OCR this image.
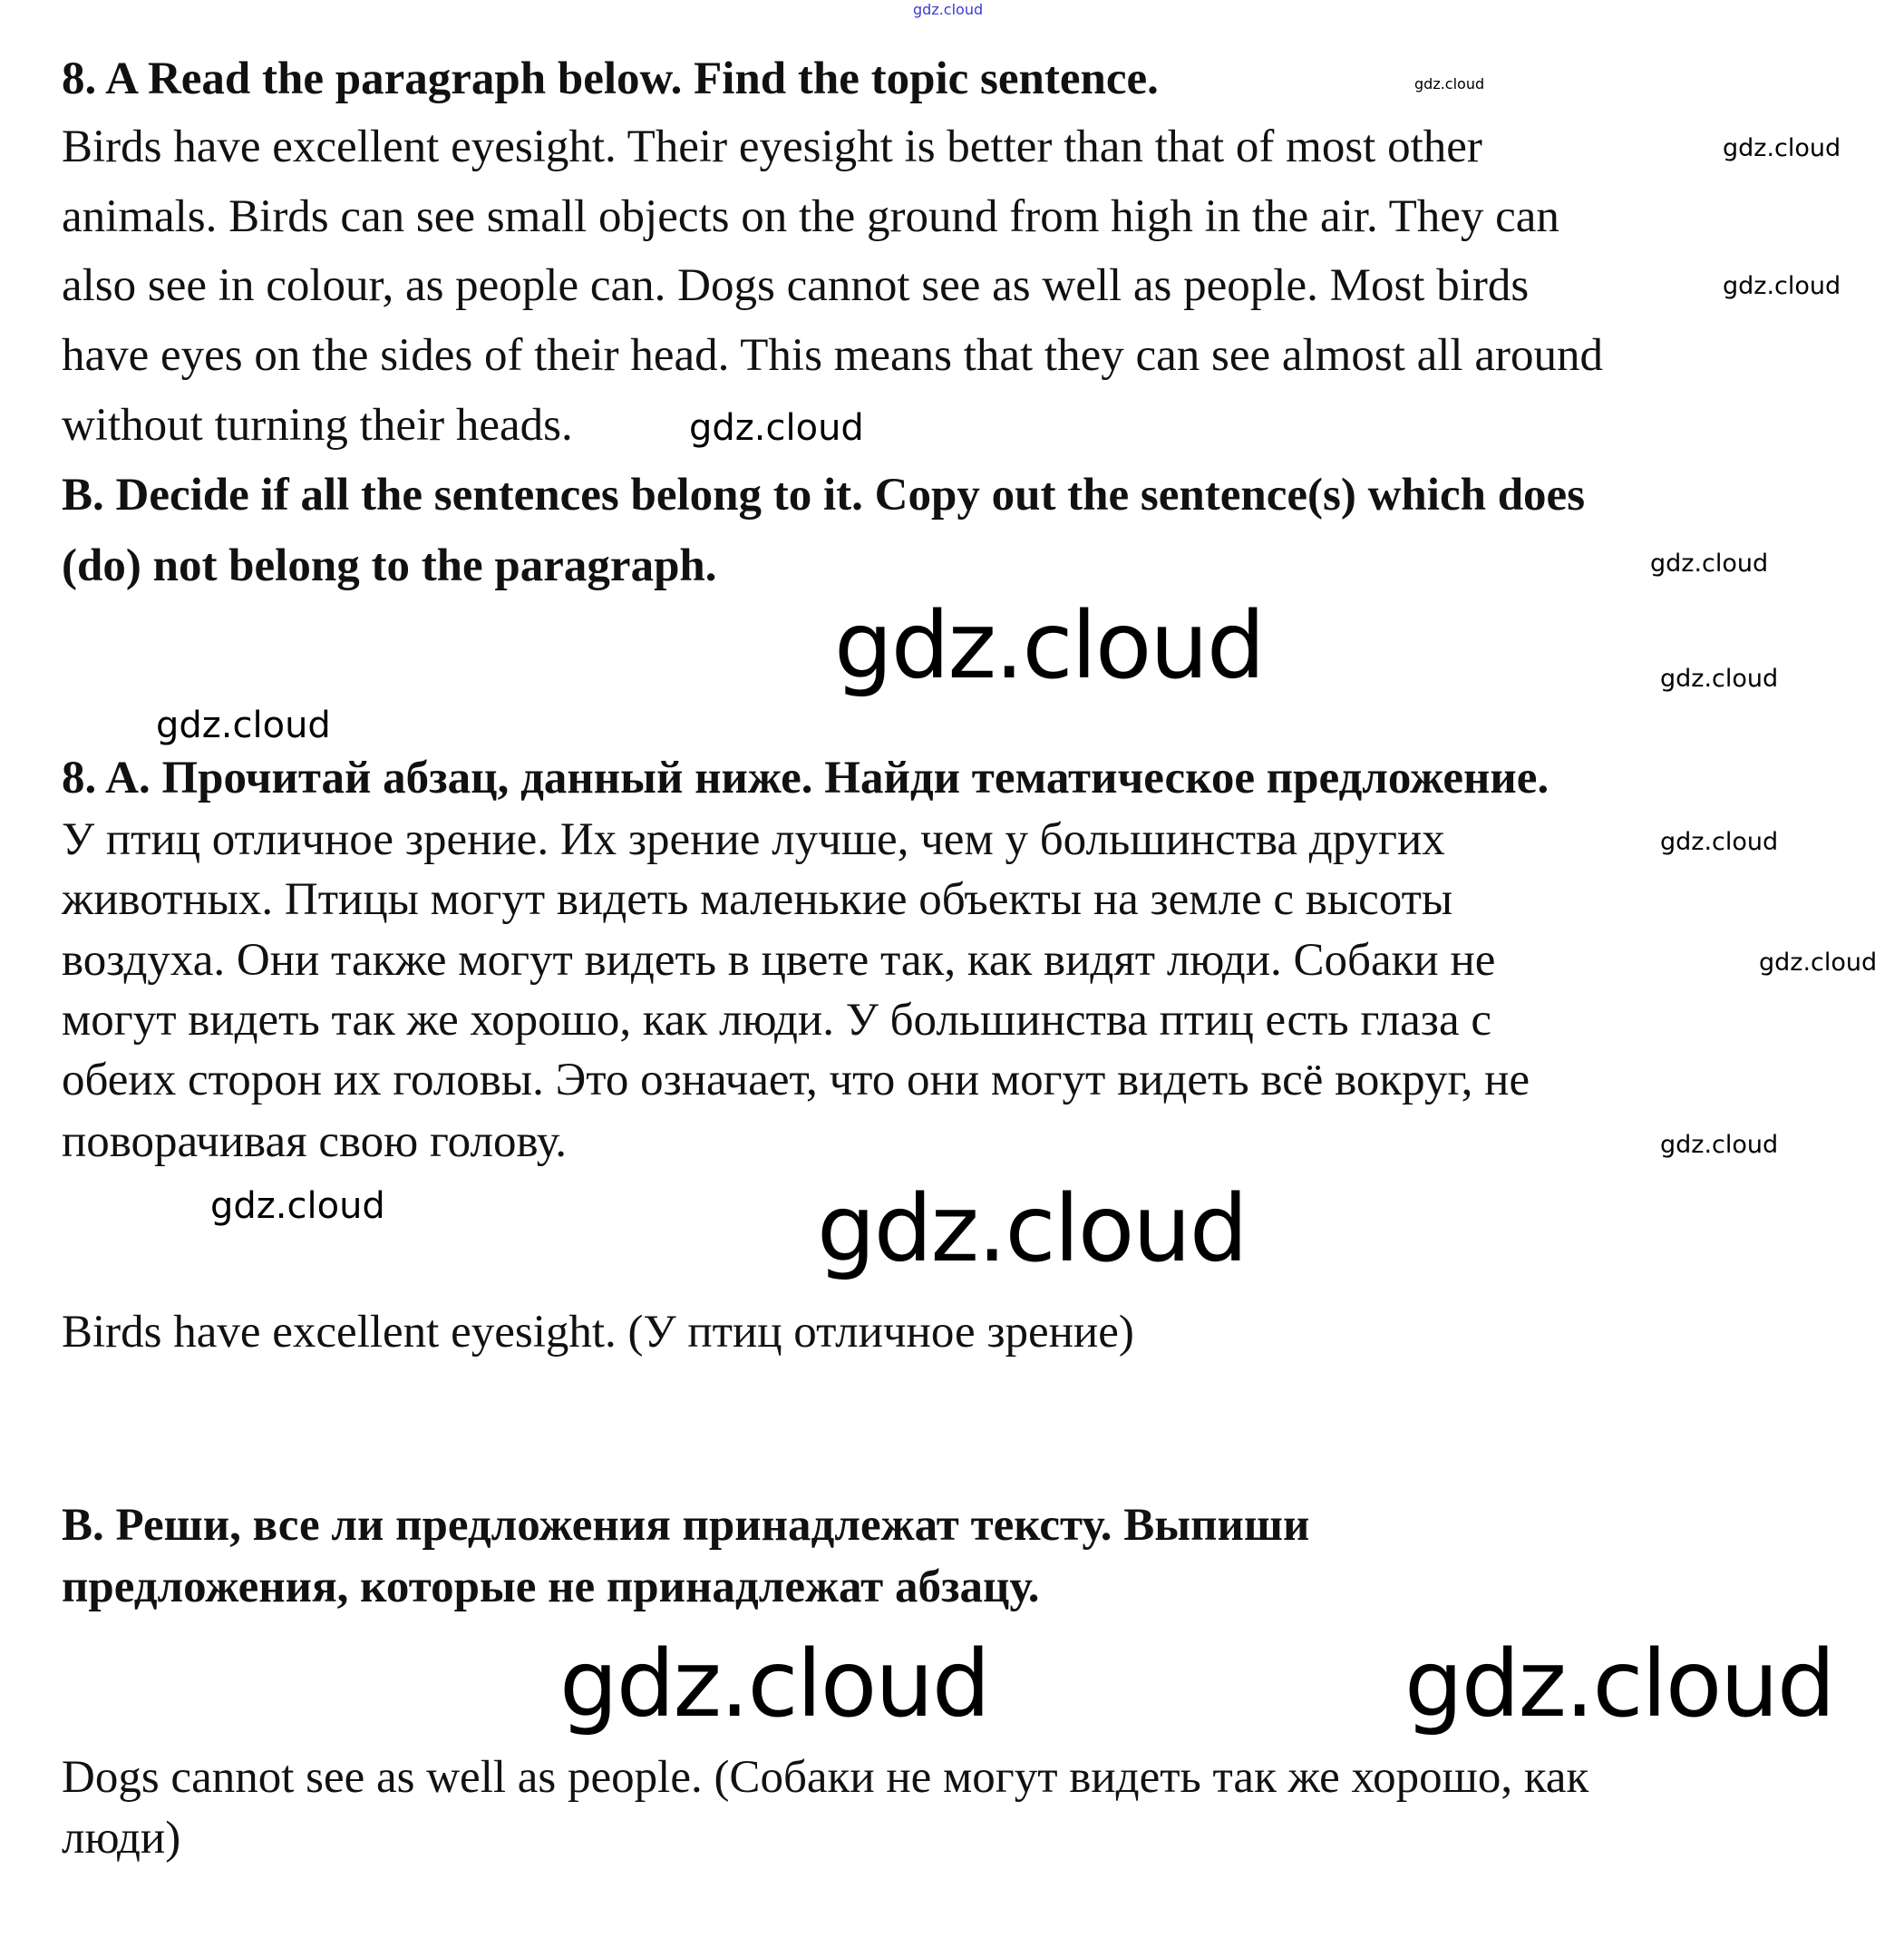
gdz.cloud
8. A Read the paragraph below. Find the topic sentence.
Birds have excellent eyesight. Their eyesight is better than that of most other
animals. Birds can see small objects on the ground from high in the air. They can
also see in colour, as people can. Dogs cannot see as well as people. Most birds
have eyes on the sides of their head. This means that they can see almost all around
without turning their heads.
B. Decide if all the sentences belong to it. Copy out the sentence(s) which does
(do) not belong to the paragraph.
8. A. Прочитай абзац, данный ниже. Найди тематическое предложение.
У птиц отличное зрение. Их зрение лучше, чем у большинства других
животных. Птицы могут видеть маленькие объекты на земле с высоты
воздуха. Они также могут видеть в цвете так, как видят люди. Собаки не
могут видеть так же хорошо, как люди. У большинства птиц есть глаза с
обеих сторон их головы. Это означает, что они могут видеть всё вокруг, не
поворачивая свою голову.
Birds have excellent eyesight. (У птиц отличное зрение)
B. Реши, все ли предложения принадлежат тексту. Выпиши
предложения, которые не принадлежат абзацу.
Dogs cannot see as well as people. (Собаки не могут видеть так же хорошо, как
люди)
gdz.cloud
gdz.cloud
gdz.cloud
gdz.cloud
gdz.cloud
gdz.cloud	gdz.cloud
gdz.cloud
gdz.cloud
gdz.cloud
gdz.cloud
gdz.cloud
gdz.cloud
gdz.cloud	gdz.cloud
